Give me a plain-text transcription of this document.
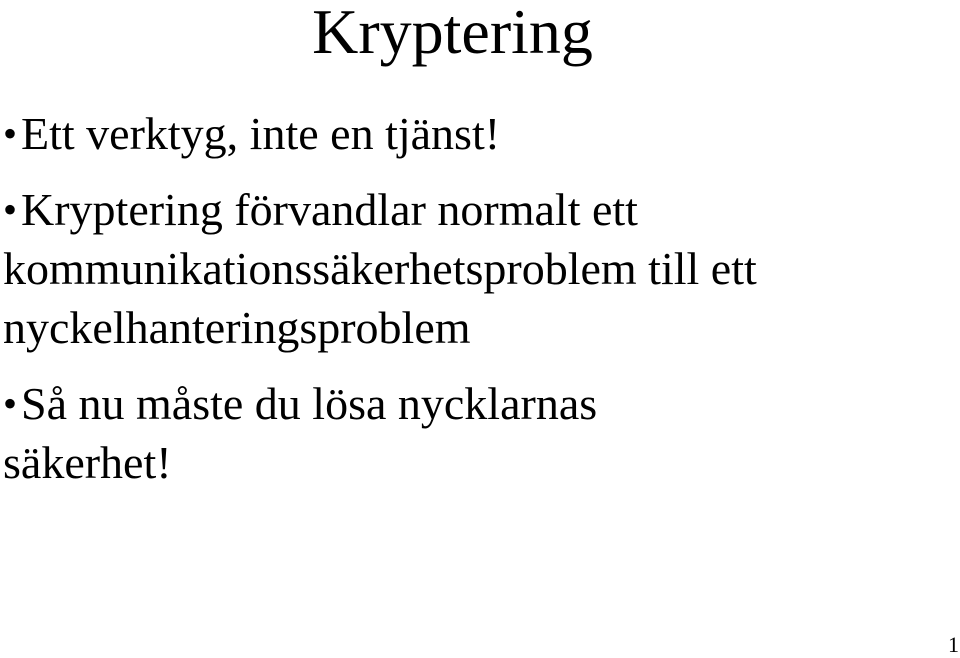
Kryptering
•Ett verktyg, inte en tjänst!
•Kryptering förvandlar normalt ett
kommunikationssäkerhetsproblem till ett
nyckelhanteringsproblem
•Så nu måste du lösa nycklarnas
säkerhet!
1
